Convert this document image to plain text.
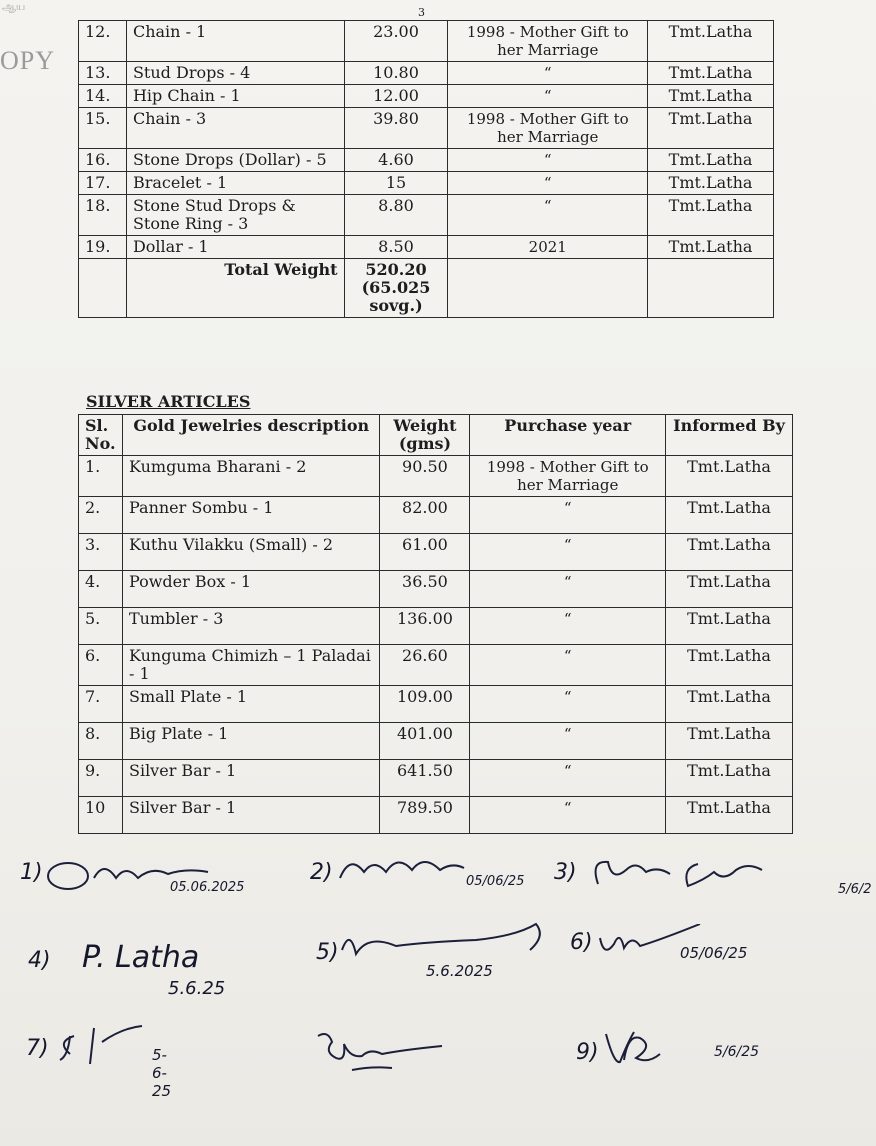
ஆய
OPY
3
12.	Chain - 1	23.00	1998 - Mother Gift to her Marriage	Tmt.Latha
13.	Stud Drops - 4	10.80	“	Tmt.Latha
14.	Hip Chain - 1	12.00	“	Tmt.Latha
15.	Chain - 3	39.80	1998 - Mother Gift to her Marriage	Tmt.Latha
16.	Stone Drops (Dollar) - 5	4.60	“	Tmt.Latha
17.	Bracelet - 1	15	“	Tmt.Latha
18.	Stone Stud Drops & Stone Ring - 3	8.80	“	Tmt.Latha
19.	Dollar - 1	8.50	2021	Tmt.Latha
	Total Weight	520.20 (65.025 sovg.)		
SILVER ARTICLES
Sl. No.	Gold Jewelries description	Weight (gms)	Purchase year	Informed By
1.	Kumguma Bharani - 2	90.50	1998 - Mother Gift to her Marriage	Tmt.Latha
2.	Panner Sombu - 1	82.00	“	Tmt.Latha
3.	Kuthu Vilakku (Small) - 2	61.00	“	Tmt.Latha
4.	Powder Box - 1	36.50	“	Tmt.Latha
5.	Tumbler - 3	136.00	“	Tmt.Latha
6.	Kunguma Chimizh – 1 Paladai - 1	26.60	“	Tmt.Latha
7.	Small Plate - 1	109.00	“	Tmt.Latha
8.	Big Plate - 1	401.00	“	Tmt.Latha
9.	Silver Bar - 1	641.50	“	Tmt.Latha
10	Silver Bar - 1	789.50	“	Tmt.Latha
1)
05.06.2025
2)	05/06/25 3)
5/6/2
4) P. Latha
5.6.25
5)
5.6.2025
6)	05/06/25
7)	5-6-25
9)	5/6/25
